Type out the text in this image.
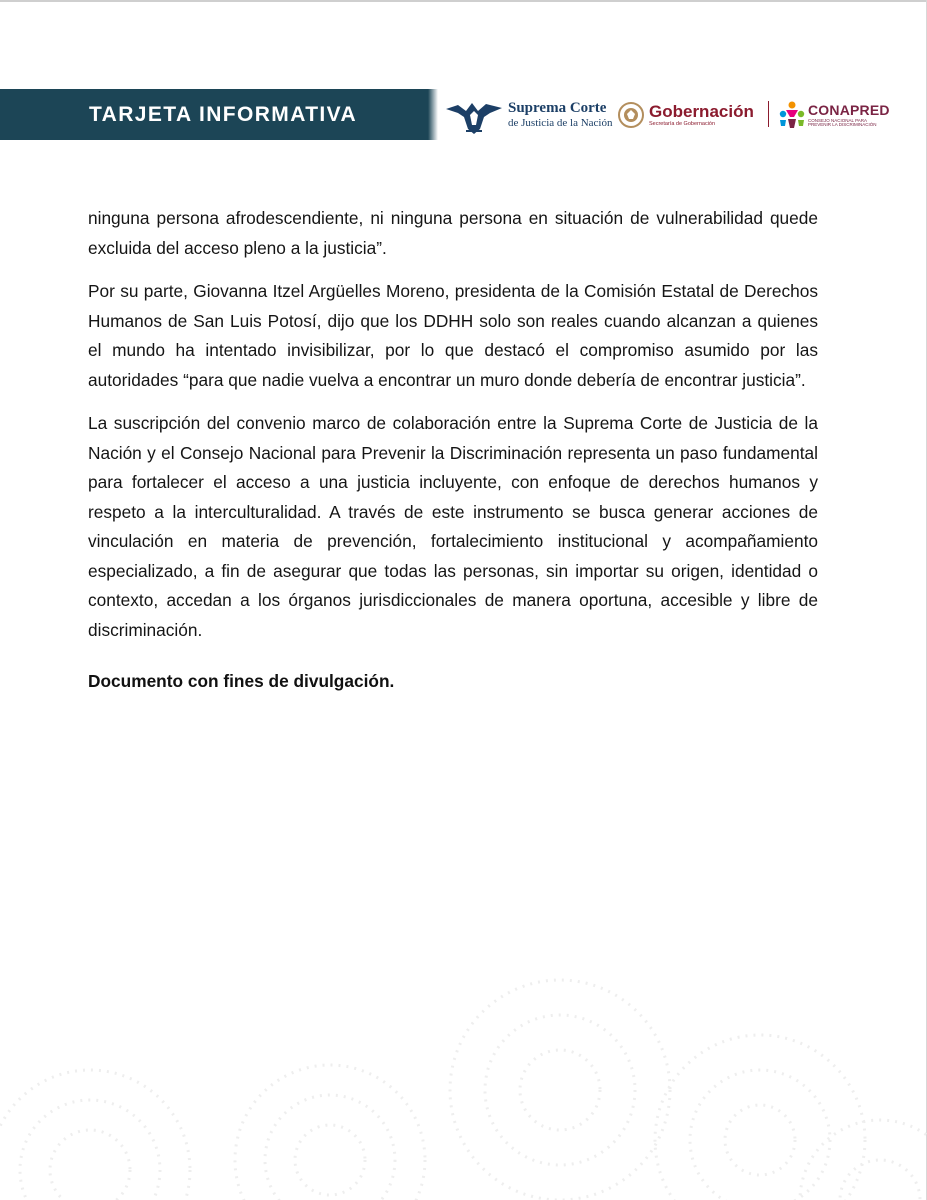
TARJETA INFORMATIVA	Suprema Corte
de Justicia de la Nación
Gobernación
Secretaría de Gobernación
CONAPRED
CONSEJO NACIONAL PARA PREVENIR LA DISCRIMINACIÓN

ninguna persona afrodescendiente, ni ninguna persona en situación de vulnerabilidad quede excluida del acceso pleno a la justicia”.

Por su parte, Giovanna Itzel Argüelles Moreno, presidenta de la Comisión Estatal de Derechos Humanos de San Luis Potosí, dijo que los DDHH solo son reales cuando alcanzan a quienes el mundo ha intentado invisibilizar, por lo que destacó el compromiso asumido por las autoridades “para que nadie vuelva a encontrar un muro donde debería de encontrar justicia”.

La suscripción del convenio marco de colaboración entre la Suprema Corte de Justicia de la Nación y el Consejo Nacional para Prevenir la Discriminación representa un paso fundamental para fortalecer el acceso a una justicia incluyente, con enfoque de derechos humanos y respeto a la interculturalidad. A través de este instrumento se busca generar acciones de vinculación en materia de prevención, fortalecimiento institucional y acompañamiento especializado, a fin de asegurar que todas las personas, sin importar su origen, identidad o contexto, accedan a los órganos jurisdiccionales de manera oportuna, accesible y libre de discriminación.

Documento con fines de divulgación.
